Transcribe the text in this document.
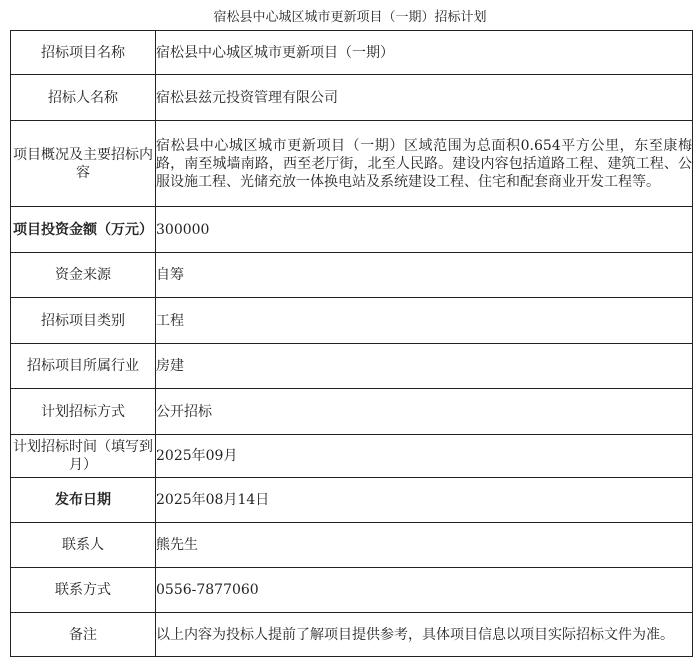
宿松县中心城区城市更新项目（一期）招标计划
招标项目名称	宿松县中心城区城市更新项目（一期）
招标人名称	宿松县兹元投资管理有限公司
项目概况及主要招标内容	宿松县中心城区城市更新项目（一期）区域范围为总面积0.654平方公里，东至康梅路，南至城墙南路，西至老厅街，北至人民路。建设内容包括道路工程、建筑工程、公服设施工程、光储充放一体换电站及系统建设工程、住宅和配套商业开发工程等。
项目投资金额（万元）	300000
资金来源	自筹
招标项目类别	工程
招标项目所属行业	房建
计划招标方式	公开招标
计划招标时间（填写到月）	2025年09月
发布日期	2025年08月14日
联系人	熊先生
联系方式	0556-7877060
备注	以上内容为投标人提前了解项目提供参考，具体项目信息以项目实际招标文件为准。
